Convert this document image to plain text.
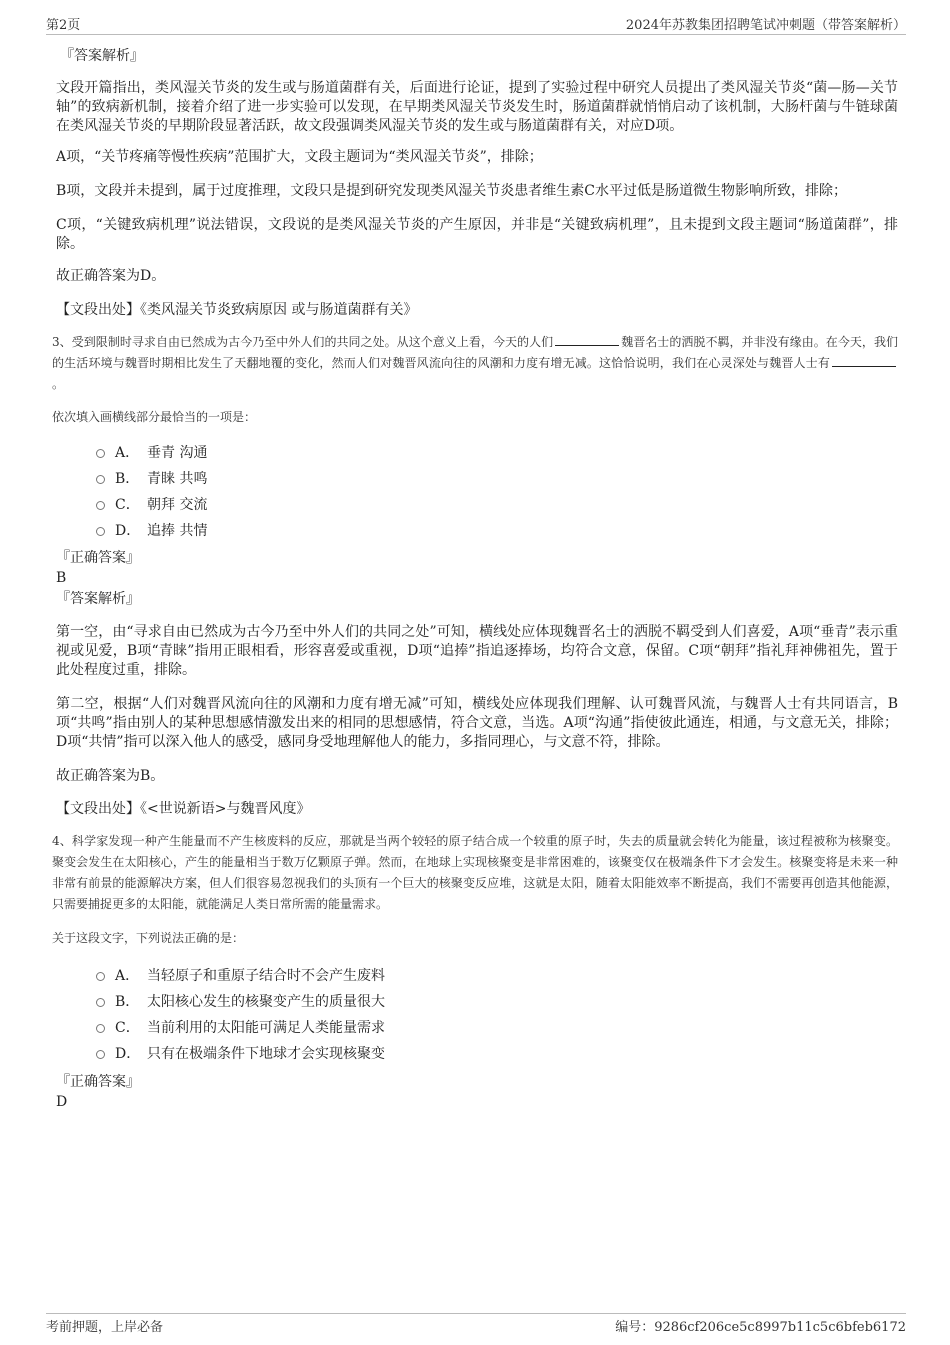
第2页	2024年苏教集团招聘笔试冲刺题（带答案解析）
『答案解析』

文段开篇指出，类风湿关节炎的发生或与肠道菌群有关，后面进行论证，提到了实验过程中研究人员提出了类风湿关节炎“菌—肠—关节轴”的致病新机制，接着介绍了进一步实验可以发现，在早期类风湿关节炎发生时，肠道菌群就悄悄启动了该机制，大肠杆菌与牛链球菌在类风湿关节炎的早期阶段显著活跃，故文段强调类风湿关节炎的发生或与肠道菌群有关，对应D项。

A项，“关节疼痛等慢性疾病”范围扩大，文段主题词为“类风湿关节炎”，排除；

B项，文段并未提到，属于过度推理，文段只是提到研究发现类风湿关节炎患者维生素C水平过低是肠道微生物影响所致，排除；

C项，“关键致病机理”说法错误，文段说的是类风湿关节炎的产生原因，并非是“关键致病机理”，且未提到文段主题词“肠道菌群”，排除。

故正确答案为D。

【文段出处】《类风湿关节炎致病原因 或与肠道菌群有关》

3、受到限制时寻求自由已然成为古今乃至中外人们的共同之处。从这个意义上看，今天的人们	魏晋名士的洒脱不羁，并非没有缘由。在今天，我们的生活环境与魏晋时期相比发生了天翻地覆的变化，然而人们对魏晋风流向往的风潮和力度有增无减。这恰恰说明，我们在心灵深处与魏晋人士有。

依次填入画横线部分最恰当的一项是：

A． 垂青 沟通
B． 青睐 共鸣
C． 朝拜 交流
D． 追捧 共情
『正确答案』
B
『答案解析』

第一空，由“寻求自由已然成为古今乃至中外人们的共同之处”可知，横线处应体现魏晋名士的洒脱不羁受到人们喜爱，A项“垂青”表示重视或见爱，B项“青睐”指用正眼相看，形容喜爱或重视，D项“追捧”指追逐捧场，均符合文意，保留。C项“朝拜”指礼拜神佛祖先，置于此处程度过重，排除。

第二空，根据“人们对魏晋风流向往的风潮和力度有增无减”可知，横线处应体现我们理解、认可魏晋风流，与魏晋人士有共同语言，B项“共鸣”指由别人的某种思想感情激发出来的相同的思想感情，符合文意，当选。A项“沟通”指使彼此通连，相通，与文意无关，排除；D项“共情”指可以深入他人的感受，感同身受地理解他人的能力，多指同理心，与文意不符，排除。

故正确答案为B。

【文段出处】《<世说新语>与魏晋风度》

4、科学家发现一种产生能量而不产生核废料的反应，那就是当两个较轻的原子结合成一个较重的原子时，失去的质量就会转化为能量，该过程被称为核聚变。聚变会发生在太阳核心，产生的能量相当于数万亿颗原子弹。然而，在地球上实现核聚变是非常困难的，该聚变仅在极端条件下才会发生。核聚变将是未来一种非常有前景的能源解决方案，但人们很容易忽视我们的头顶有一个巨大的核聚变反应堆，这就是太阳，随着太阳能效率不断提高，我们不需要再创造其他能源，只需要捕捉更多的太阳能，就能满足人类日常所需的能量需求。

关于这段文字，下列说法正确的是：

A． 当轻原子和重原子结合时不会产生废料
B． 太阳核心发生的核聚变产生的质量很大
C． 当前利用的太阳能可满足人类能量需求
D． 只有在极端条件下地球才会实现核聚变
『正确答案』
D
考前押题，上岸必备	编号：9286cf206ce5c8997b11c5c6bfeb6172
